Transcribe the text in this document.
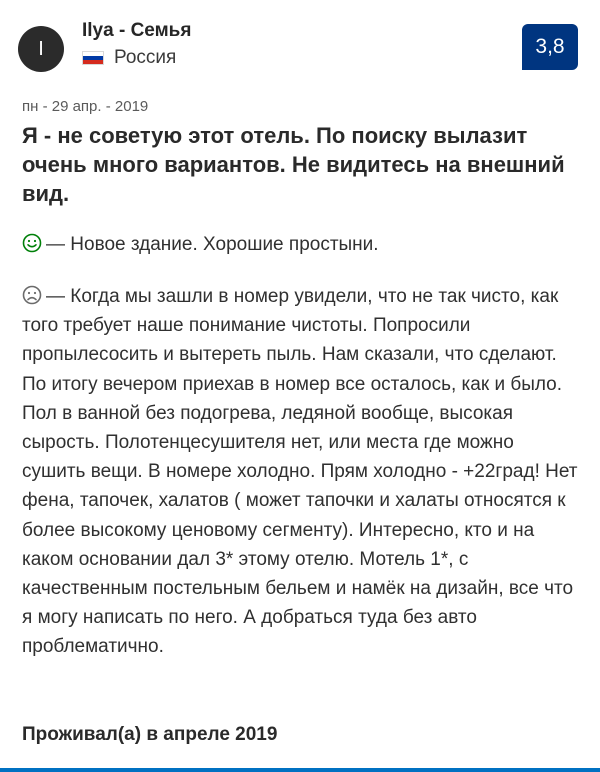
I
Ilya - Семья
Россия	3,8
пн - 29 апр. - 2019
Я - не советую этот отель. По поиску вылазит очень много вариантов. Не видитесь на внешний вид.
— Новое здание. Хорошие простыни.
— Когда мы зашли в номер увидели, что не так чисто, как того требует наше понимание чистоты. Попросили пропылесосить и вытереть пыль. Нам сказали, что сделают. По итогу вечером приехав в номер все осталось, как и было. Пол в ванной без подогрева, ледяной вообще, высокая сырость. Полотенцесушителя нет, или места где можно сушить вещи. В номере холодно. Прям холодно - +22град! Нет фена, тапочек, халатов ( может тапочки и халаты относятся к более высокому ценовому сегменту). Интересно, кто и на каком основании дал 3* этому отелю. Мотель 1*, с качественным постельным бельем и намёк на дизайн, все что я могу написать по него. А добраться туда без авто проблематично.
Проживал(а) в апреле 2019
